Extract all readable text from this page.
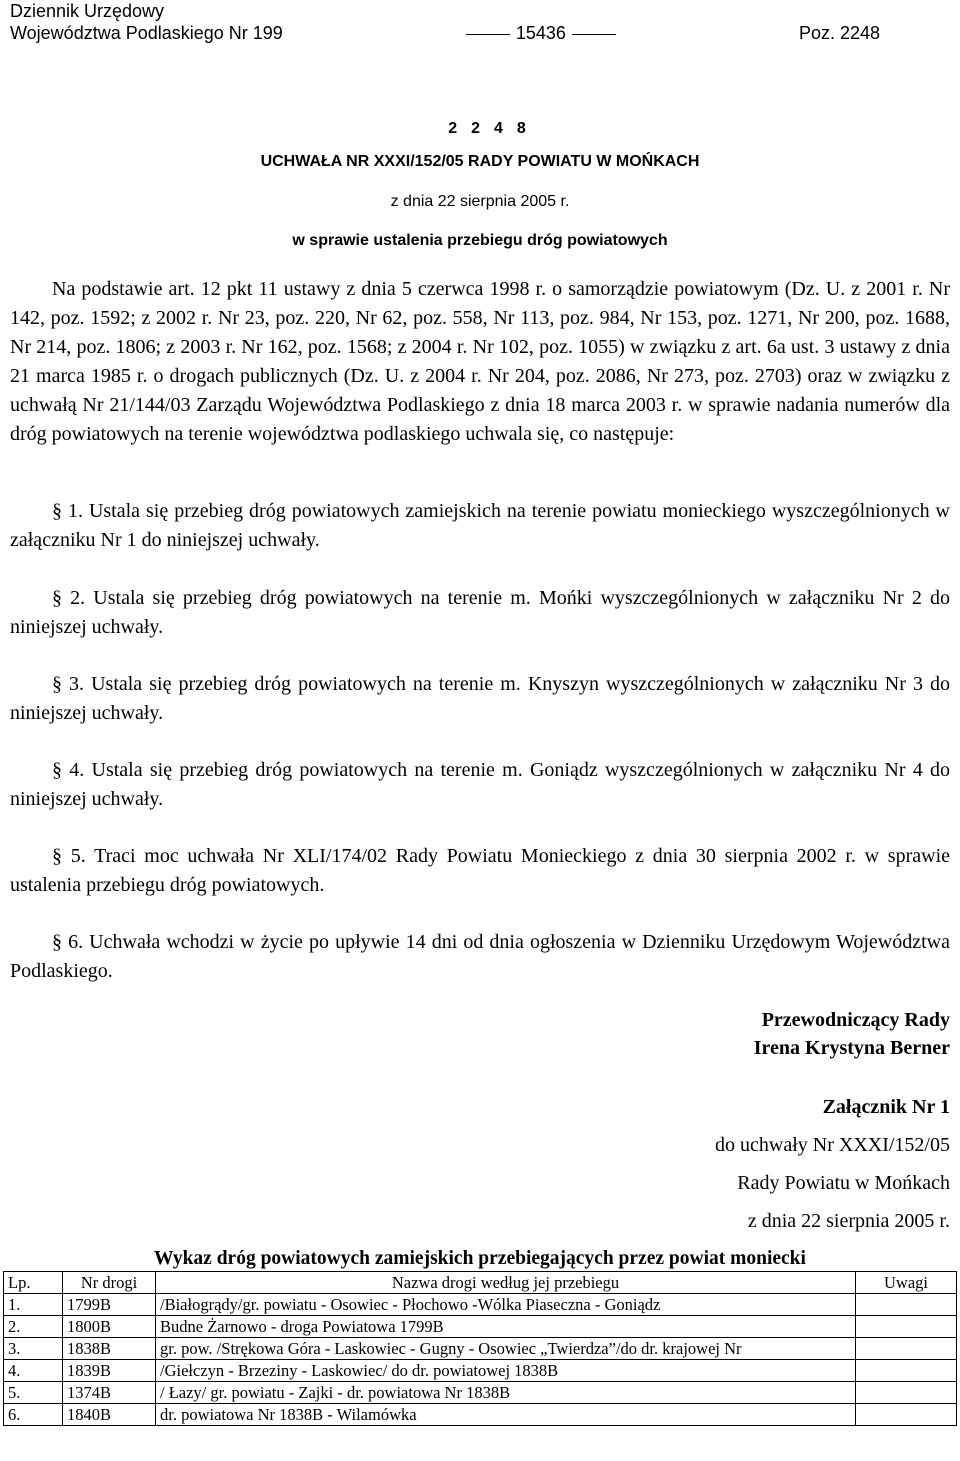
Dziennik Urzędowy
Województwa Podlaskiego Nr 199	15436	Poz. 2248
2248
UCHWAŁA NR XXXI/152/05 RADY POWIATU W MOŃKACH
z dnia 22 sierpnia 2005 r.
w sprawie ustalenia przebiegu dróg powiatowych
Na podstawie art. 12 pkt 11 ustawy z dnia 5 czerwca 1998 r. o samorządzie powiatowym (Dz. U. z 2001 r. Nr 142, poz. 1592; z 2002 r. Nr 23, poz. 220, Nr 62, poz. 558, Nr 113, poz. 984, Nr 153, poz. 1271, Nr 200, poz. 1688, Nr 214, poz. 1806; z 2003 r. Nr 162, poz. 1568; z 2004 r. Nr 102, poz. 1055) w związku z art. 6a ust. 3 ustawy z dnia 21 marca 1985 r. o drogach publicznych (Dz. U. z 2004 r. Nr 204, poz. 2086, Nr 273, poz. 2703) oraz w związku z uchwałą Nr 21/144/03 Zarządu Województwa Podlaskiego z dnia 18 marca 2003 r. w sprawie nadania numerów dla dróg powiatowych na terenie województwa podlaskiego uchwala się, co następuje:
§ 1. Ustala się przebieg dróg powiatowych zamiejskich na terenie powiatu monieckiego wyszczególnionych w załączniku Nr 1 do niniejszej uchwały.
§ 2. Ustala się przebieg dróg powiatowych na terenie m. Mońki wyszczególnionych w załączniku Nr 2 do niniejszej uchwały.
§ 3. Ustala się przebieg dróg powiatowych na terenie m. Knyszyn wyszczególnionych w załączniku Nr 3 do niniejszej uchwały.
§ 4. Ustala się przebieg dróg powiatowych na terenie m. Goniądz wyszczególnionych w załączniku Nr 4 do niniejszej uchwały.
§ 5. Traci moc uchwała Nr XLI/174/02 Rady Powiatu Monieckiego z dnia 30 sierpnia 2002 r. w sprawie ustalenia przebiegu dróg powiatowych.
§ 6. Uchwała wchodzi w życie po upływie 14 dni od dnia ogłoszenia w Dzienniku Urzędowym Województwa Podlaskiego.
Przewodniczący Rady
Irena Krystyna Berner
Załącznik Nr 1
do uchwały Nr XXXI/152/05
Rady Powiatu w Mońkach
z dnia 22 sierpnia 2005 r.
Wykaz dróg powiatowych zamiejskich przebiegających przez powiat moniecki
Lp.	Nr drogi	Nazwa drogi według jej przebiegu	Uwagi
1.	1799B	/Białogrądy/gr. powiatu - Osowiec - Płochowo -Wólka Piaseczna - Goniądz	
2.	1800B	Budne Żarnowo - droga Powiatowa 1799B	
3.	1838B	gr. pow. /Strękowa Góra - Laskowiec - Gugny - Osowiec „Twierdza”/do dr. krajowej Nr	
4.	1839B	/Giełczyn - Brzeziny - Laskowiec/ do dr. powiatowej 1838B	
5.	1374B	/ Łazy/ gr. powiatu - Zajki - dr. powiatowa Nr 1838B	
6.	1840B	dr. powiatowa Nr 1838B - Wilamówka	
